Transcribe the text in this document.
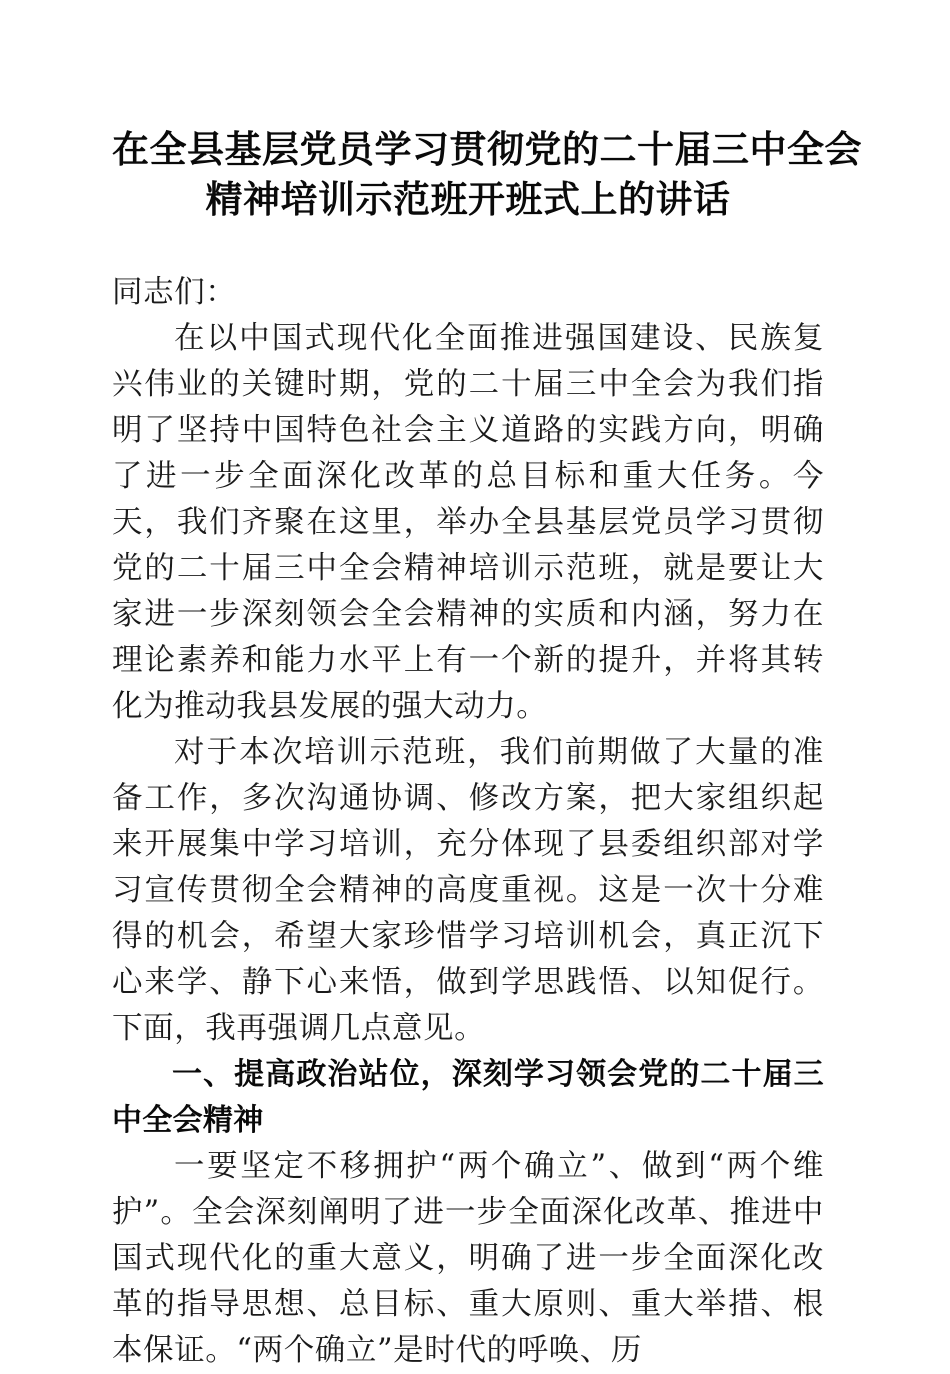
在全县基层党员学习贯彻党的二十届三中全会
精神培训示范班开班式上的讲话

同志们：

在以中国式现代化全面推进强国建设、民族复兴伟业的关键时期，党的二十届三中全会为我们指明了坚持中国特色社会主义道路的实践方向，明确了进一步全面深化改革的总目标和重大任务。今天，我们齐聚在这里，举办全县基层党员学习贯彻党的二十届三中全会精神培训示范班，就是要让大家进一步深刻领会全会精神的实质和内涵，努力在理论素养和能力水平上有一个新的提升，并将其转化为推动我县发展的强大动力。

对于本次培训示范班，我们前期做了大量的准备工作，多次沟通协调、修改方案，把大家组织起来开展集中学习培训，充分体现了县委组织部对学习宣传贯彻全会精神的高度重视。这是一次十分难得的机会，希望大家珍惜学习培训机会，真正沉下心来学、静下心来悟，做到学思践悟、以知促行。下面，我再强调几点意见。

一、提高政治站位，深刻学习领会党的二十届三中全会精神

一要坚定不移拥护“两个确立”、做到“两个维护”。全会深刻阐明了进一步全面深化改革、推进中国式现代化的重大意义，明确了进一步全面深化改革的指导思想、总目标、重大原则、重大举措、根本保证。“两个确立”是时代的呼唤、历
